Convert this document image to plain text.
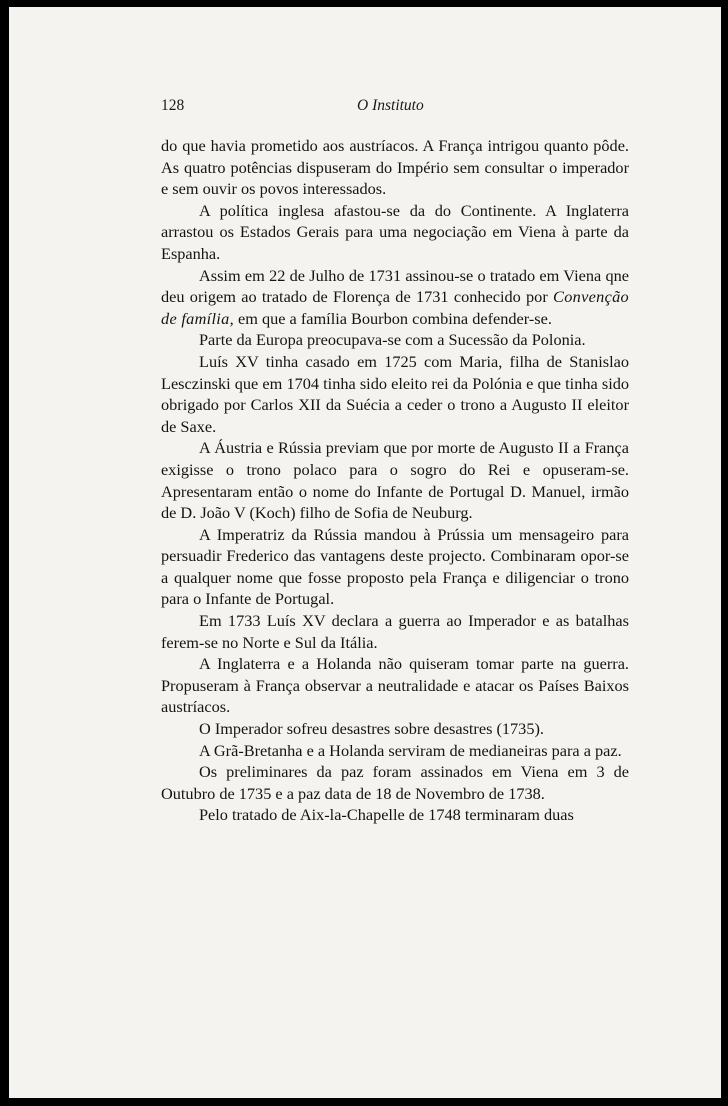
128	O Instituto

do que havia prometido aos austríacos. A França intrigou quanto pôde. As quatro potências dispuseram do Império sem consultar o imperador e sem ouvir os povos interessados.

A política inglesa afastou-se da do Continente. A Inglaterra arrastou os Estados Gerais para uma negociação em Viena à parte da Espanha.

Assim em 22 de Julho de 1731 assinou-se o tratado em Viena qne deu origem ao tratado de Florença de 1731 conhecido por Convenção de família, em que a família Bourbon combina defender-se.

Parte da Europa preocupava-se com a Sucessão da Polonia.

Luís XV tinha casado em 1725 com Maria, filha de Stanislao Lesczinski que em 1704 tinha sido eleito rei da Polónia e que tinha sido obrigado por Carlos XII da Suécia a ceder o trono a Augusto II eleitor de Saxe.

A Áustria e Rússia previam que por morte de Augusto II a França exigisse o trono polaco para o sogro do Rei e opuseram-se. Apresentaram então o nome do Infante de Portugal D. Manuel, irmão de D. João V (Koch) filho de Sofia de Neuburg.

A Imperatriz da Rússia mandou à Prússia um mensageiro para persuadir Frederico das vantagens deste projecto. Combinaram opor-se a qualquer nome que fosse proposto pela França e diligenciar o trono para o Infante de Portugal.

Em 1733 Luís XV declara a guerra ao Imperador e as batalhas ferem-se no Norte e Sul da Itália.

A Inglaterra e a Holanda não quiseram tomar parte na guerra. Propuseram à França observar a neutralidade e atacar os Países Baixos austríacos.

O Imperador sofreu desastres sobre desastres (1735).

A Grã-Bretanha e a Holanda serviram de medianeiras para a paz.

Os preliminares da paz foram assinados em Viena em 3 de Outubro de 1735 e a paz data de 18 de Novembro de 1738.

Pelo tratado de Aix-la-Chapelle de 1748 terminaram duas
